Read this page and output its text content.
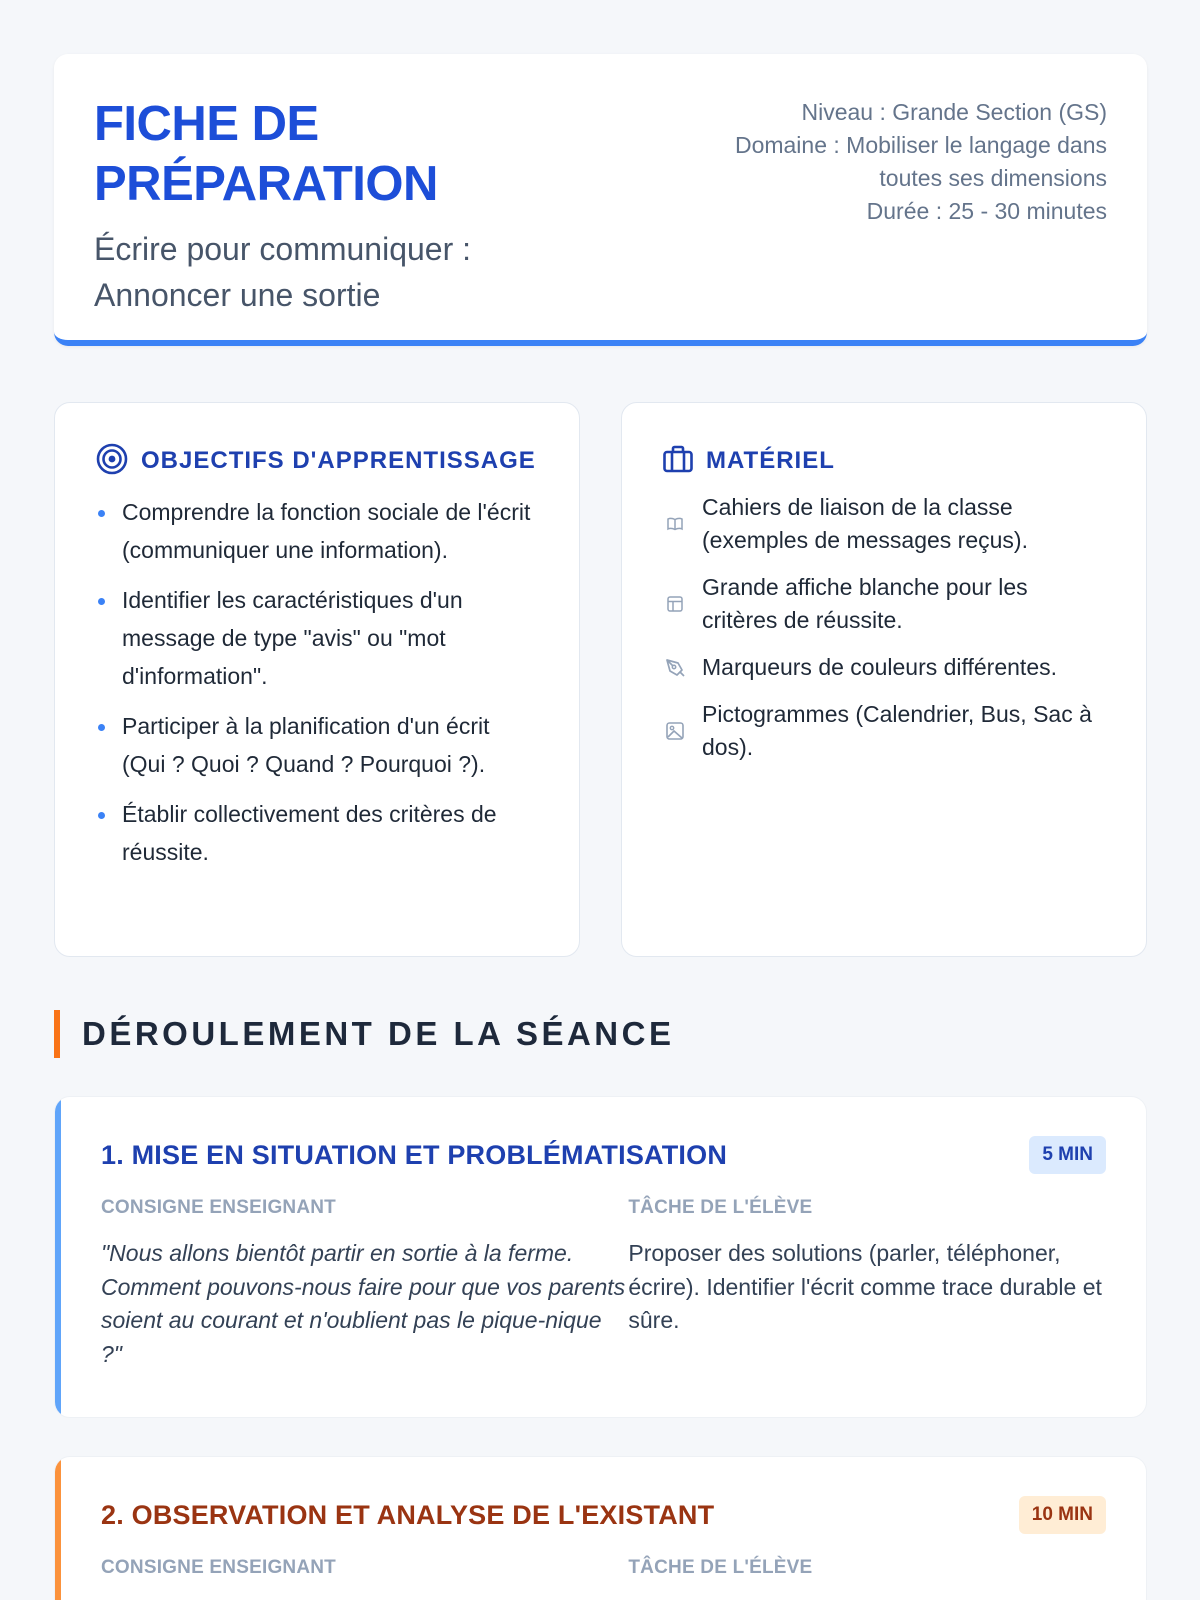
FICHE DE
PRÉPARATION
Écrire pour communiquer :
Annoncer une sortie
Niveau : Grande Section (GS)
Domaine : Mobiliser le langage dans
toutes ses dimensions
Durée : 25 - 30 minutes
OBJECTIFS D'APPRENTISSAGE
Comprendre la fonction sociale de l'écrit (communiquer une information).
Identifier les caractéristiques d'un message de type "avis" ou "mot d'information".
Participer à la planification d'un écrit (Qui ? Quoi ? Quand ? Pourquoi ?).
Établir collectivement des critères de réussite.
MATÉRIEL
Cahiers de liaison de la classe (exemples de messages reçus).
Grande affiche blanche pour les critères de réussite.
Marqueurs de couleurs différentes.
Pictogrammes (Calendrier, Bus, Sac à dos).
DÉROULEMENT DE LA SÉANCE
1. MISE EN SITUATION ET PROBLÉMATISATION	5 MIN
CONSIGNE ENSEIGNANT
"Nous allons bientôt partir en sortie à la ferme. Comment pouvons-nous faire pour que vos parents soient au courant et n'oublient pas le pique-nique ?"
TÂCHE DE L'ÉLÈVE
Proposer des solutions (parler, téléphoner, écrire). Identifier l'écrit comme trace durable et sûre.
2. OBSERVATION ET ANALYSE DE L'EXISTANT	10 MIN
CONSIGNE ENSEIGNANT	TÂCHE DE L'ÉLÈVE
